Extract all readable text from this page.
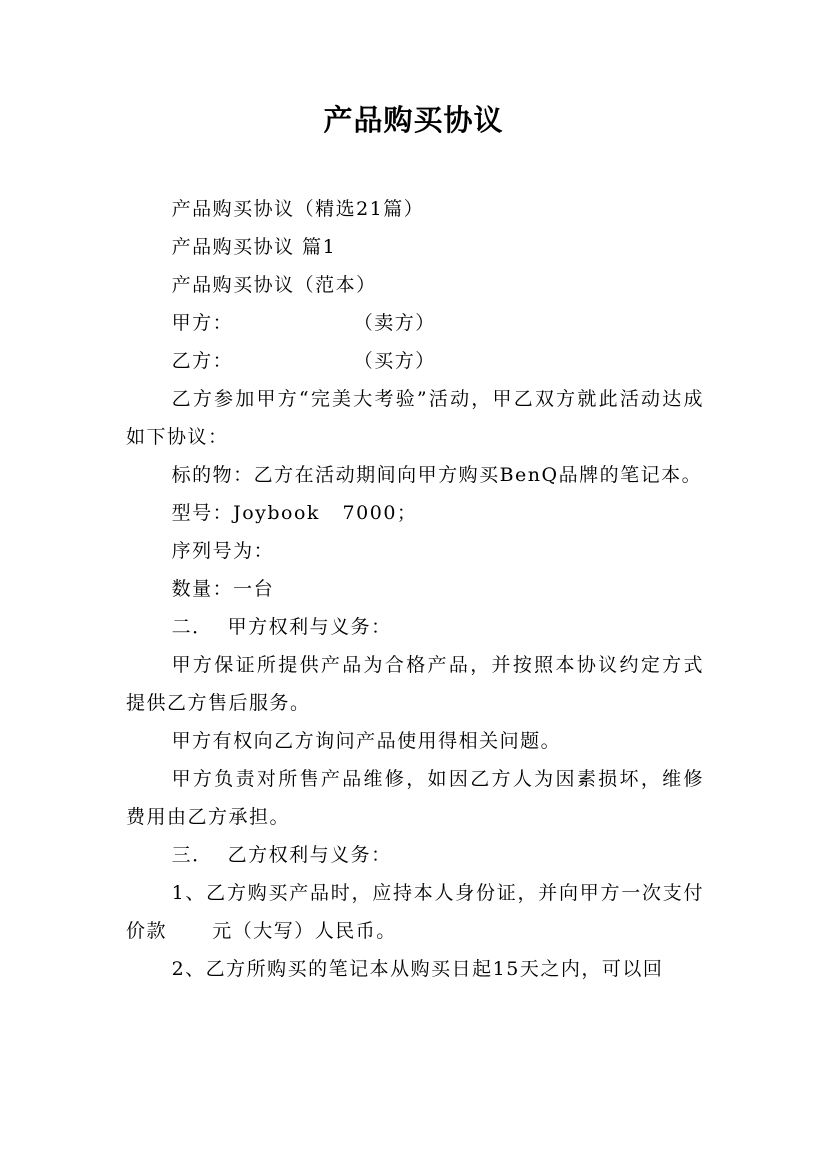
产品购买协议

产品购买协议（精选21篇）

产品购买协议 篇1

产品购买协议（范本）

甲方：                （卖方）

乙方：                （买方）

乙方参加甲方“完美大考验”活动，甲乙双方就此活动达成如下协议：

标的物：乙方在活动期间向甲方购买BenQ品牌的笔记本。

型号：Joybook   7000；

序列号为：

数量：一台

二．  甲方权利与义务：

甲方保证所提供产品为合格产品，并按照本协议约定方式提供乙方售后服务。

甲方有权向乙方询问产品使用得相关问题。

甲方负责对所售产品维修，如因乙方人为因素损坏，维修费用由乙方承担。

三．  乙方权利与义务：

1、乙方购买产品时，应持本人身份证，并向甲方一次支付价款      元（大写）人民币。

2、乙方所购买的笔记本从购买日起15天之内，可以回
